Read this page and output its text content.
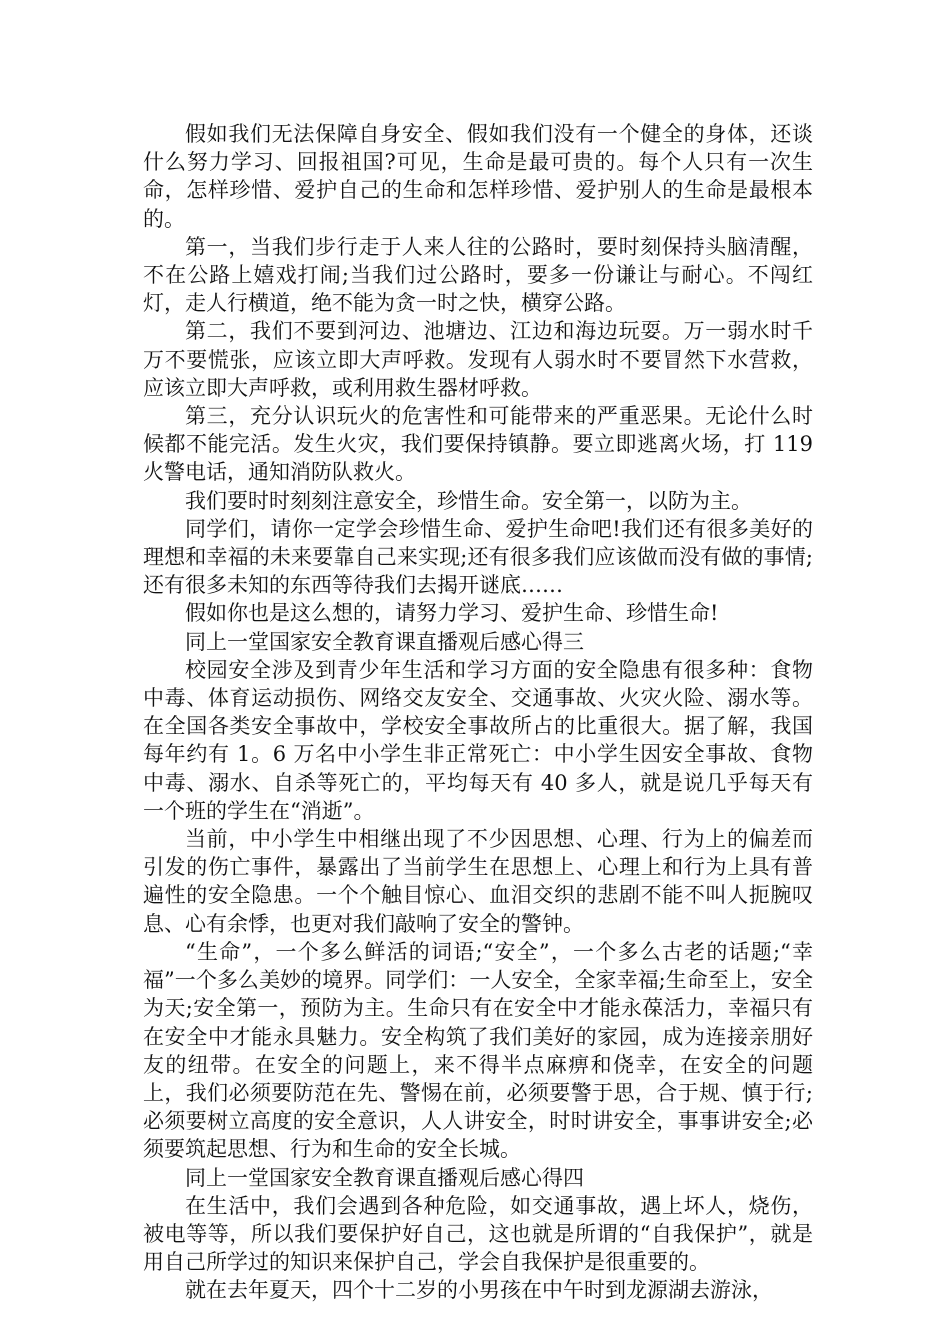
假如我们无法保障自身安全、假如我们没有一个健全的身体，还谈什么努力学习、回报祖国?可见，生命是最可贵的。每个人只有一次生命，怎样珍惜、爱护自己的生命和怎样珍惜、爱护别人的生命是最根本的。

第一，当我们步行走于人来人往的公路时，要时刻保持头脑清醒，不在公路上嬉戏打闹;当我们过公路时，要多一份谦让与耐心。不闯红灯，走人行横道，绝不能为贪一时之快，横穿公路。

第二，我们不要到河边、池塘边、江边和海边玩耍。万一弱水时千万不要慌张，应该立即大声呼救。发现有人弱水时不要冒然下水营救，应该立即大声呼救，或利用救生器材呼救。

第三，充分认识玩火的危害性和可能带来的严重恶果。无论什么时候都不能完活。发生火灾，我们要保持镇静。要立即逃离火场，打 119 火警电话，通知消防队救火。

我们要时时刻刻注意安全，珍惜生命。安全第一，以防为主。

同学们，请你一定学会珍惜生命、爱护生命吧!我们还有很多美好的理想和幸福的未来要靠自己来实现;还有很多我们应该做而没有做的事情;还有很多未知的东西等待我们去揭开谜底……

假如你也是这么想的，请努力学习、爱护生命、珍惜生命!

同上一堂国家安全教育课直播观后感心得三

校园安全涉及到青少年生活和学习方面的安全隐患有很多种：食物中毒、体育运动损伤、网络交友安全、交通事故、火灾火险、溺水等。在全国各类安全事故中，学校安全事故所占的比重很大。据了解，我国每年约有 1。6 万名中小学生非正常死亡：中小学生因安全事故、食物中毒、溺水、自杀等死亡的，平均每天有 40 多人，就是说几乎每天有一个班的学生在“消逝”。

当前，中小学生中相继出现了不少因思想、心理、行为上的偏差而引发的伤亡事件，暴露出了当前学生在思想上、心理上和行为上具有普遍性的安全隐患。一个个触目惊心、血泪交织的悲剧不能不叫人扼腕叹息、心有余悸，也更对我们敲响了安全的警钟。

“生命”，一个多么鲜活的词语;“安全”，一个多么古老的话题;“幸福”一个多么美妙的境界。同学们：一人安全，全家幸福;生命至上，安全为天;安全第一，预防为主。生命只有在安全中才能永葆活力，幸福只有在安全中才能永具魅力。安全构筑了我们美好的家园，成为连接亲朋好友的纽带。在安全的问题上，来不得半点麻痹和侥幸，在安全的问题上，我们必须要防范在先、警惕在前，必须要警于思，合于规、慎于行;必须要树立高度的安全意识，人人讲安全，时时讲安全，事事讲安全;必须要筑起思想、行为和生命的安全长城。

同上一堂国家安全教育课直播观后感心得四

在生活中，我们会遇到各种危险，如交通事故，遇上坏人，烧伤，被电等等，所以我们要保护好自己，这也就是所谓的“自我保护”，就是用自己所学过的知识来保护自己，学会自我保护是很重要的。

就在去年夏天，四个十二岁的小男孩在中午时到龙源湖去游泳，
